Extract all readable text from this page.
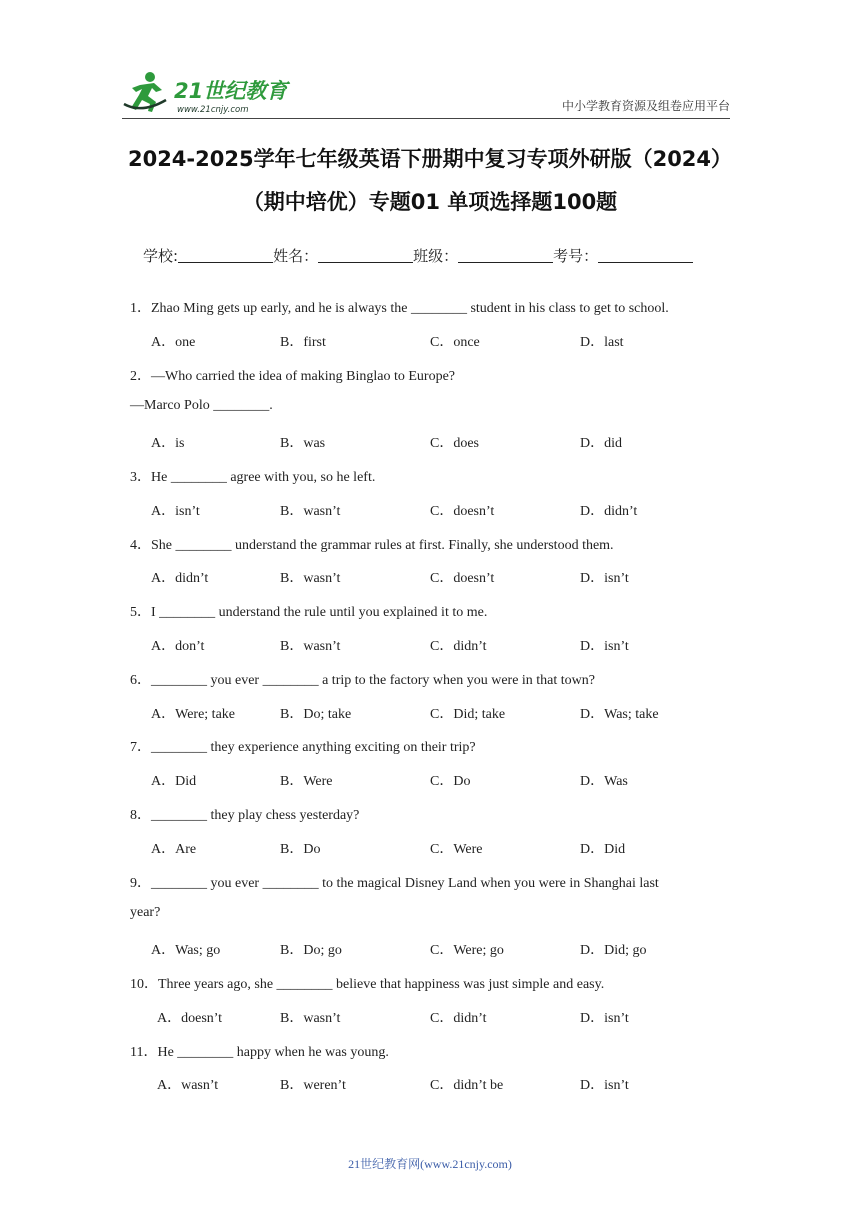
21世纪教育
www.21cnjy.com	中小学教育资源及组卷应用平台
2024-2025学年七年级英语下册期中复习专项外研版（2024）
（期中培优）专题01 单项选择题100题
学校:	姓名：	班级：	考号：
1．Zhao Ming gets up early, and he is always the ________ student in his class to get to school.
A．one	B．first	C．once	D．last
2．—Who carried the idea of making Binglao to Europe?
—Marco Polo ________.
A．is	B．was	C．does	D．did
3．He ________ agree with you, so he left.
A．isn’t	B．wasn’t	C．doesn’t	D．didn’t
4．She ________ understand the grammar rules at first. Finally, she understood them.
A．didn’t	B．wasn’t	C．doesn’t	D．isn’t
5．I ________ understand the rule until you explained it to me.
A．don’t	B．wasn’t	C．didn’t	D．isn’t
6．________ you ever ________ a trip to the factory when you were in that town?
A．Were; take	B．Do; take	C．Did; take	D．Was; take
7．________ they experience anything exciting on their trip?
A．Did	B．Were	C．Do	D．Was
8．________ they play chess yesterday?
A．Are	B．Do	C．Were	D．Did
9．________ you ever ________ to the magical Disney Land when you were in Shanghai last
year?
A．Was; go	B．Do; go	C．Were; go	D．Did; go
10．Three years ago, she ________ believe that happiness was just simple and easy.
A．doesn’t	B．wasn’t	C．didn’t	D．isn’t
11．He ________ happy when he was young.
A．wasn’t	B．weren’t	C．didn’t be	D．isn’t
21世纪教育网(www.21cnjy.com)
